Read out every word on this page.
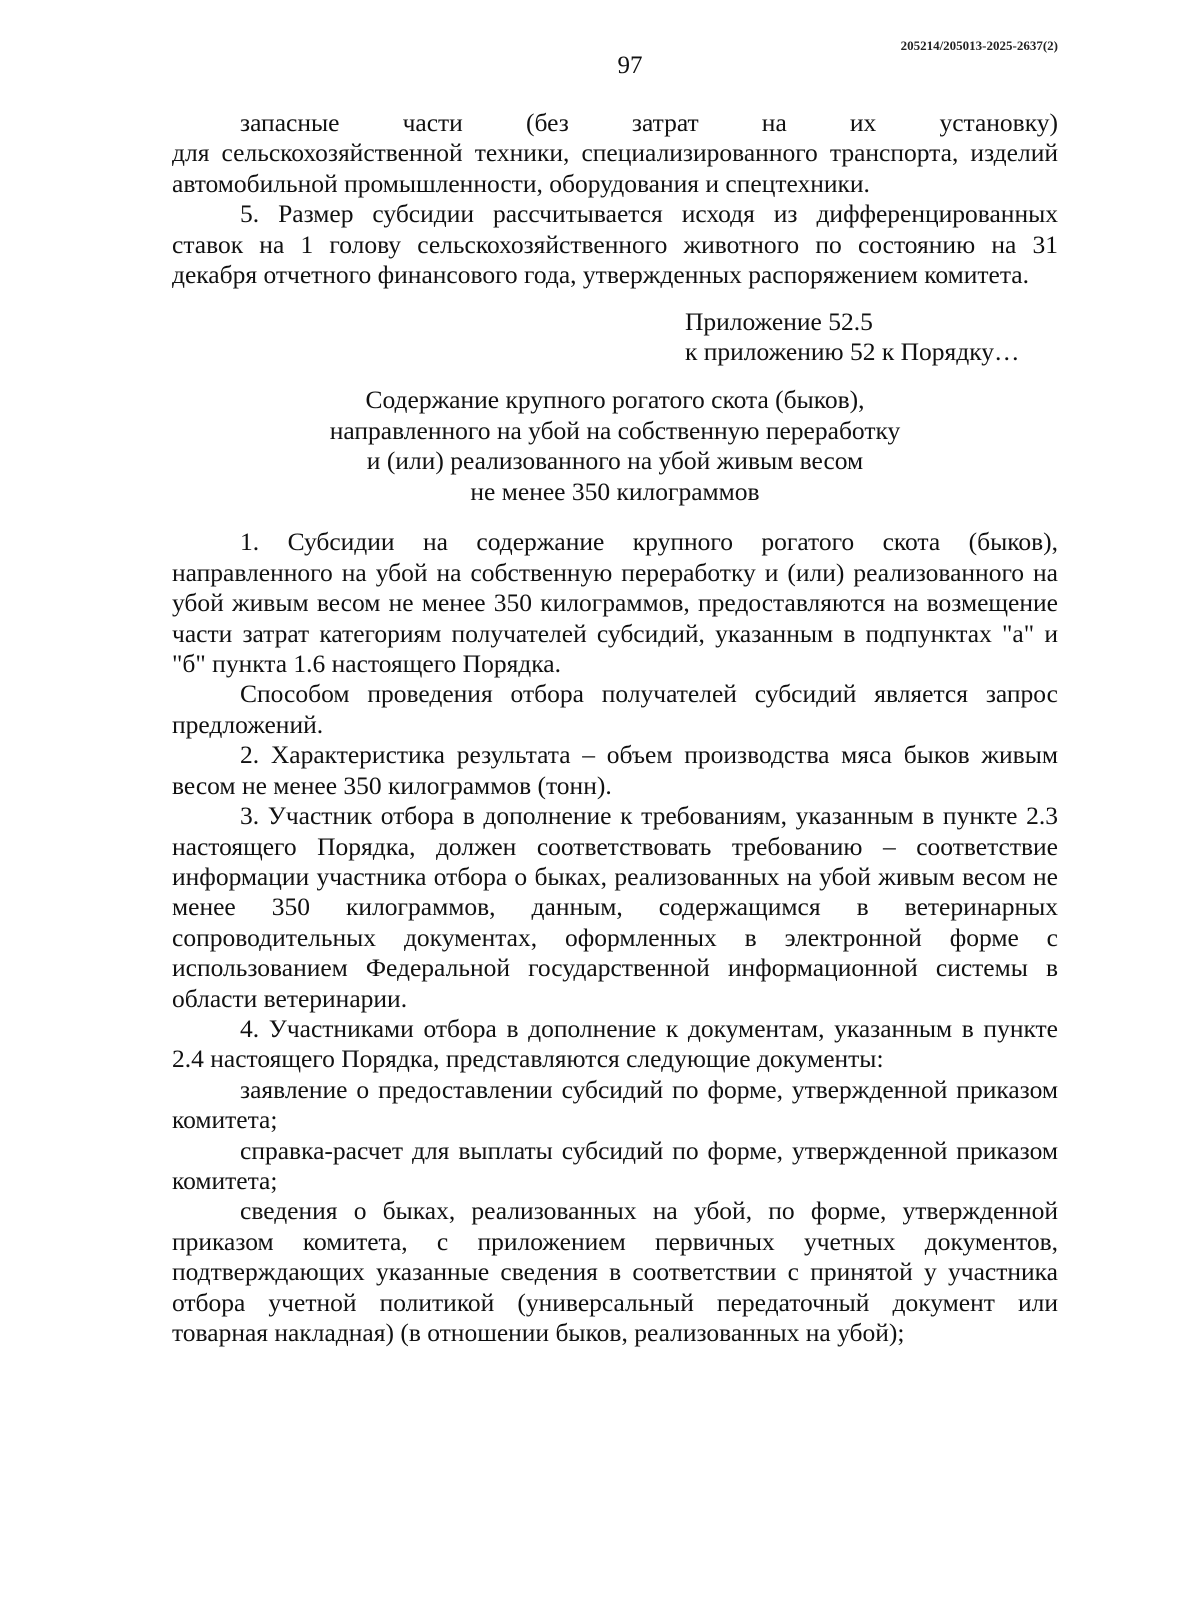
205214/205013-2025-2637(2)
97

запасные части (без затрат на их установку)

для сельскохозяйственной техники, специализированного транспорта, изделий автомобильной промышленности, оборудования и спецтехники.

5. Размер субсидии рассчитывается исходя из дифференцированных ставок на 1 голову сельскохозяйственного животного по состоянию на 31 декабря отчетного финансового года, утвержденных распоряжением комитета.

Приложение 52.5
к приложению 52 к Порядку…
Содержание крупного рогатого скота (быков),
направленного на убой на собственную переработку
и (или) реализованного на убой живым весом
не менее 350 килограммов

1. Субсидии на содержание крупного рогатого скота (быков), направленного на убой на собственную переработку и (или) реализованного на убой живым весом не менее 350 килограммов, предоставляются на возмещение части затрат категориям получателей субсидий, указанным в подпунктах "а" и "б" пункта 1.6 настоящего Порядка.

Способом проведения отбора получателей субсидий является запрос предложений.

2. Характеристика результата – объем производства мяса быков живым весом не менее 350 килограммов (тонн).

3. Участник отбора в дополнение к требованиям, указанным в пункте 2.3 настоящего Порядка, должен соответствовать требованию – соответствие информации участника отбора о быках, реализованных на убой живым весом не менее 350 килограммов, данным, содержащимся в ветеринарных сопроводительных документах, оформленных в электронной форме с использованием Федеральной государственной информационной системы в области ветеринарии.

4. Участниками отбора в дополнение к документам, указанным в пункте 2.4 настоящего Порядка, представляются следующие документы:

заявление о предоставлении субсидий по форме, утвержденной приказом комитета;

справка-расчет для выплаты субсидий по форме, утвержденной приказом комитета;

сведения о быках, реализованных на убой, по форме, утвержденной приказом комитета, с приложением первичных учетных документов, подтверждающих указанные сведения в соответствии с принятой у участника отбора учетной политикой (универсальный передаточный документ или товарная накладная) (в отношении быков, реализованных на убой);
